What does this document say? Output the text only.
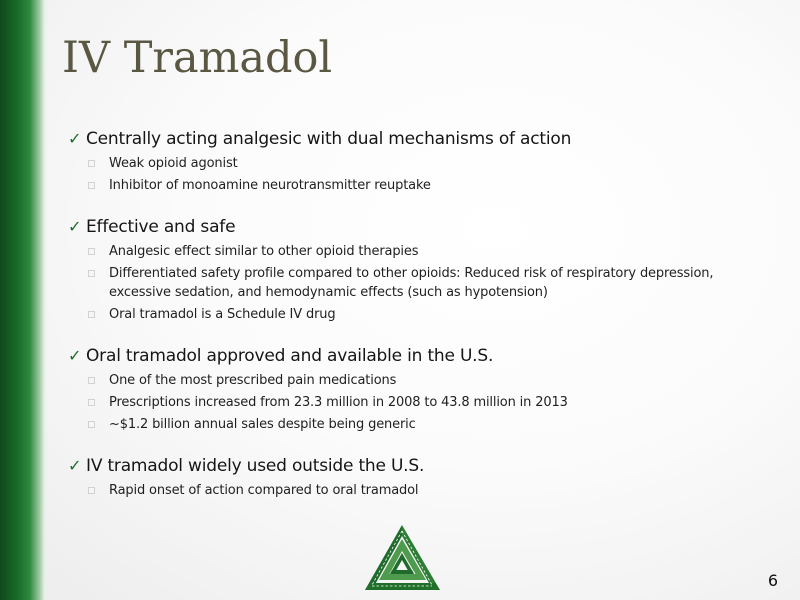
IV Tramadol
✓ Centrally acting analgesic with dual mechanisms of action
Weak opioid agonist
Inhibitor of monoamine neurotransmitter reuptake
✓ Effective and safe
Analgesic effect similar to other opioid therapies
Differentiated safety profile compared to other opioids: Reduced risk of respiratory depression, excessive sedation, and hemodynamic effects (such as hypotension)
Oral tramadol is a Schedule IV drug
✓ Oral tramadol approved and available in the U.S.
One of the most prescribed pain medications
Prescriptions increased from 23.3 million in 2008 to 43.8 million in 2013
~$1.2 billion annual sales despite being generic
✓ IV tramadol widely used outside the U.S.
Rapid onset of action compared to oral tramadol
6
